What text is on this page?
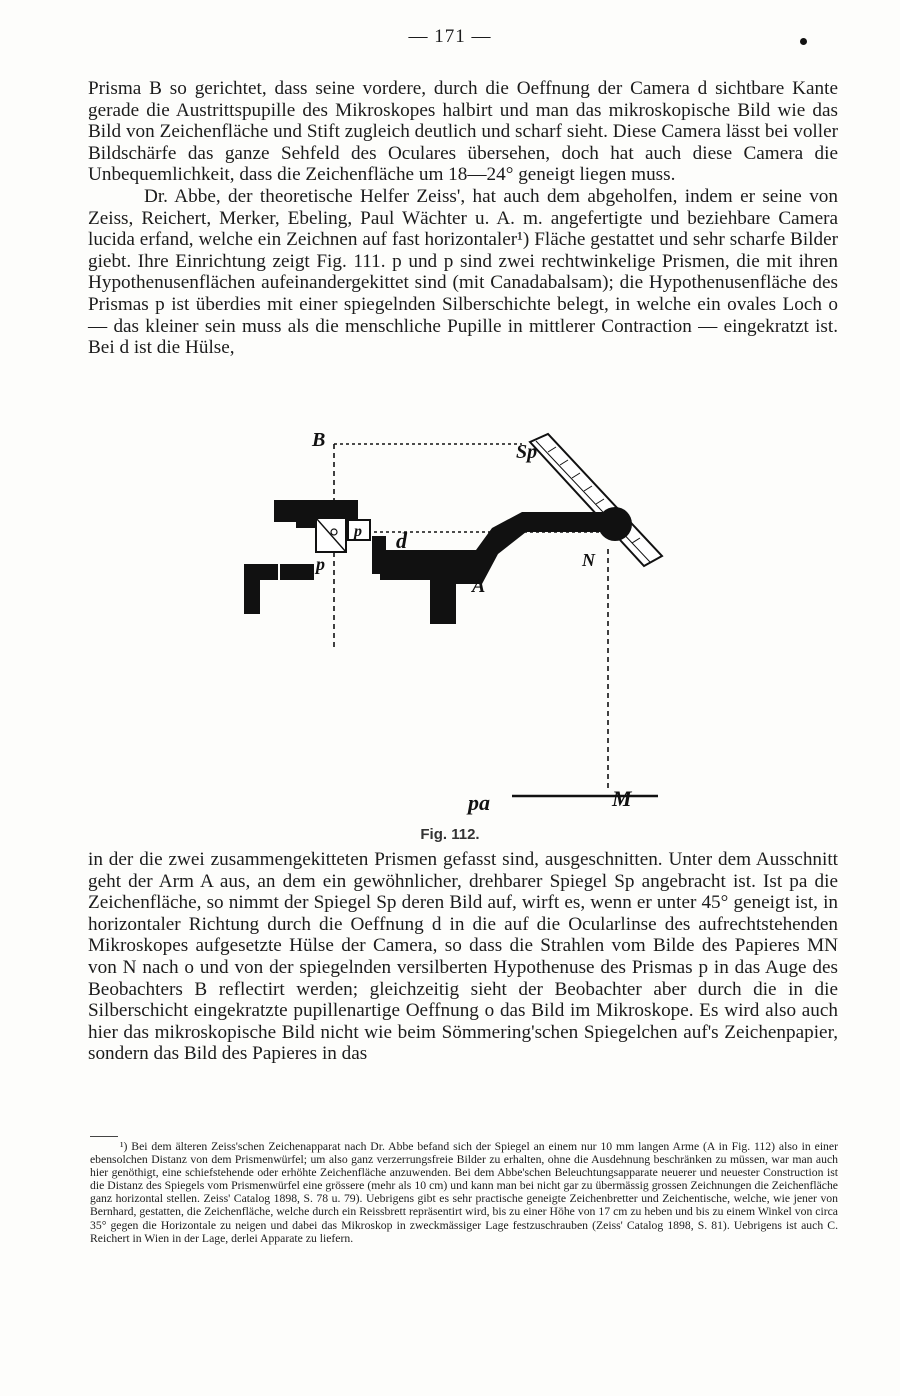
— 171 —

Prisma B so gerichtet, dass seine vordere, durch die Oeffnung der Camera d sichtbare Kante gerade die Austrittspupille des Mikroskopes halbirt und man das mikroskopische Bild wie das Bild von Zeichenfläche und Stift zugleich deutlich und scharf sieht. Diese Camera lässt bei voller Bildschärfe das ganze Sehfeld des Oculares übersehen, doch hat auch diese Camera die Unbequemlichkeit, dass die Zeichenfläche um 18—24° geneigt liegen muss.

Dr. Abbe, der theoretische Helfer Zeiss', hat auch dem abgeholfen, indem er seine von Zeiss, Reichert, Merker, Ebeling, Paul Wächter u. A. m. angefertigte und beziehbare Camera lucida erfand, welche ein Zeichnen auf fast horizontaler¹) Fläche gestattet und sehr scharfe Bilder giebt. Ihre Einrichtung zeigt Fig. 111. p und p sind zwei rechtwinkelige Prismen, die mit ihren Hypothenusenflächen aufeinandergekittet sind (mit Canadabalsam); die Hypothenusenfläche des Prismas p ist überdies mit einer spiegelnden Silberschichte belegt, in welche ein ovales Loch o — das kleiner sein muss als die menschliche Pupille in mittlerer Contraction — eingekratzt ist. Bei d ist die Hülse,

B
Sp
p
p d
N
A
pa	M
Fig. 112.

in der die zwei zusammengekitteten Prismen gefasst sind, ausgeschnitten. Unter dem Ausschnitt geht der Arm A aus, an dem ein gewöhnlicher, drehbarer Spiegel Sp angebracht ist. Ist pa die Zeichenfläche, so nimmt der Spiegel Sp deren Bild auf, wirft es, wenn er unter 45° geneigt ist, in horizontaler Richtung durch die Oeffnung d in die auf die Ocularlinse des aufrechtstehenden Mikroskopes aufgesetzte Hülse der Camera, so dass die Strahlen vom Bilde des Papieres MN von N nach o und von der spiegelnden versilberten Hypothenuse des Prismas p in das Auge des Beobachters B reflectirt werden; gleichzeitig sieht der Beobachter aber durch die in die Silberschicht eingekratzte pupillenartige Oeffnung o das Bild im Mikroskope. Es wird also auch hier das mikroskopische Bild nicht wie beim Sömmering'schen Spiegelchen auf's Zeichenpapier, sondern das Bild des Papieres in das

¹) Bei dem älteren Zeiss'schen Zeichenapparat nach Dr. Abbe befand sich der Spiegel an einem nur 10 mm langen Arme (A in Fig. 112) also in einer ebensolchen Distanz von dem Prismenwürfel; um also ganz verzerrungsfreie Bilder zu erhalten, ohne die Ausdehnung beschränken zu müssen, war man auch hier genöthigt, eine schiefstehende oder erhöhte Zeichenfläche anzuwenden. Bei dem Abbe'schen Beleuchtungsapparate neuerer und neuester Construction ist die Distanz des Spiegels vom Prismenwürfel eine grössere (mehr als 10 cm) und kann man bei nicht gar zu übermässig grossen Zeichnungen die Zeichenfläche ganz horizontal stellen. Zeiss' Catalog 1898, S. 78 u. 79). Uebrigens gibt es sehr practische geneigte Zeichenbretter und Zeichentische, welche, wie jener von Bernhard, gestatten, die Zeichenfläche, welche durch ein Reissbrett repräsentirt wird, bis zu einer Höhe von 17 cm zu heben und bis zu einem Winkel von circa 35° gegen die Horizontale zu neigen und dabei das Mikroskop in zweckmässiger Lage festzuschrauben (Zeiss' Catalog 1898, S. 81). Uebrigens ist auch C. Reichert in Wien in der Lage, derlei Apparate zu liefern.
